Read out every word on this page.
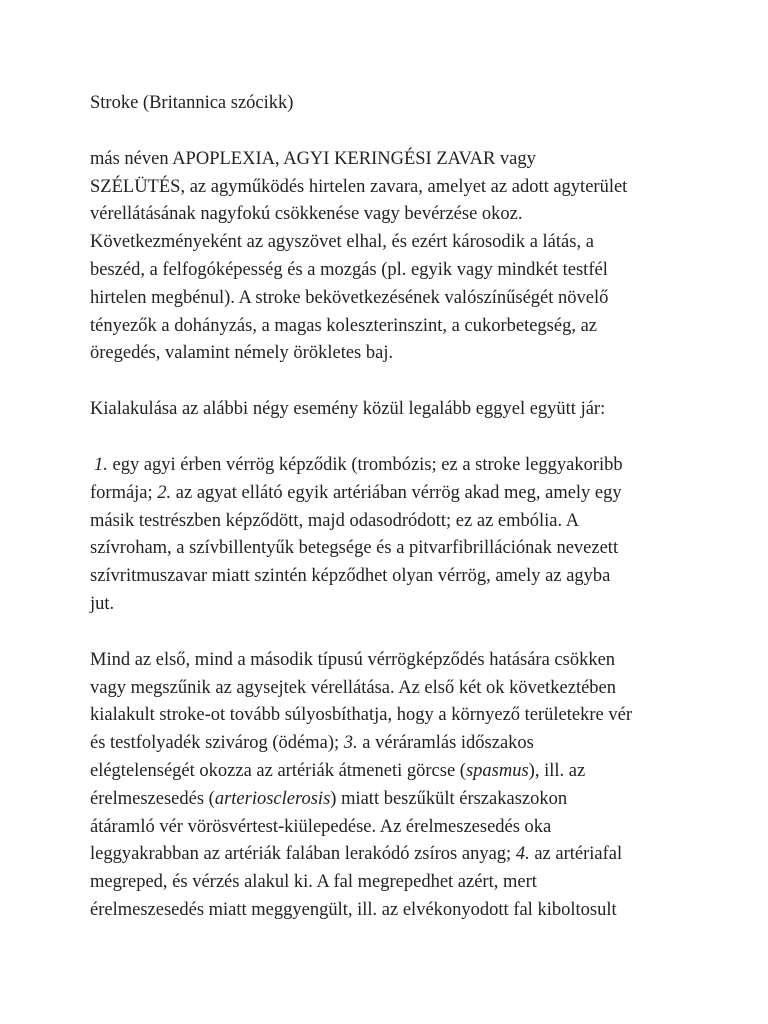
Stroke (Britannica szócikk)

más néven APOPLEXIA, AGYI KERINGÉSI ZAVAR vagy
SZÉLÜTÉS, az agyműködés hirtelen zavara, amelyet az adott agyterület
vérellátásának nagyfokú csökkenése vagy bevérzése okoz.
Következményeként az agyszövet elhal, és ezért károsodik a látás, a
beszéd, a felfogóképesség és a mozgás (pl. egyik vagy mindkét testfél
hirtelen megbénul). A stroke bekövetkezésének valószínűségét növelő
tényezők a dohányzás, a magas koleszterinszint, a cukorbetegség, az
öregedés, valamint némely örökletes baj.

Kialakulása az alábbi négy esemény közül legalább eggyel együtt jár:

1. egy agyi érben vérrög képződik (trombózis; ez a stroke leggyakoribb
formája; 2. az agyat ellátó egyik artériában vérrög akad meg, amely egy
másik testrészben képződött, majd odasodródott; ez az embólia. A
szívroham, a szívbillentyűk betegsége és a pitvarfibrillációnak nevezett
szívritmuszavar miatt szintén képződhet olyan vérrög, amely az agyba
jut.

Mind az első, mind a második típusú vérrögképződés hatására csökken
vagy megszűnik az agysejtek vérellátása. Az első két ok következtében
kialakult stroke-ot tovább súlyosbíthatja, hogy a környező területekre vér
és testfolyadék szivárog (ödéma); 3. a véráramlás időszakos
elégtelenségét okozza az artériák átmeneti görcse (spasmus), ill. az
érelmeszesedés (arteriosclerosis) miatt beszűkült érszakaszokon
átáramló vér vörösvértest-kiülepedése. Az érelmeszesedés oka
leggyakrabban az artériák falában lerakódó zsíros anyag; 4. az artériafal
megreped, és vérzés alakul ki. A fal megrepedhet azért, mert
érelmeszesedés miatt meggyengült, ill. az elvékonyodott fal kiboltosult
